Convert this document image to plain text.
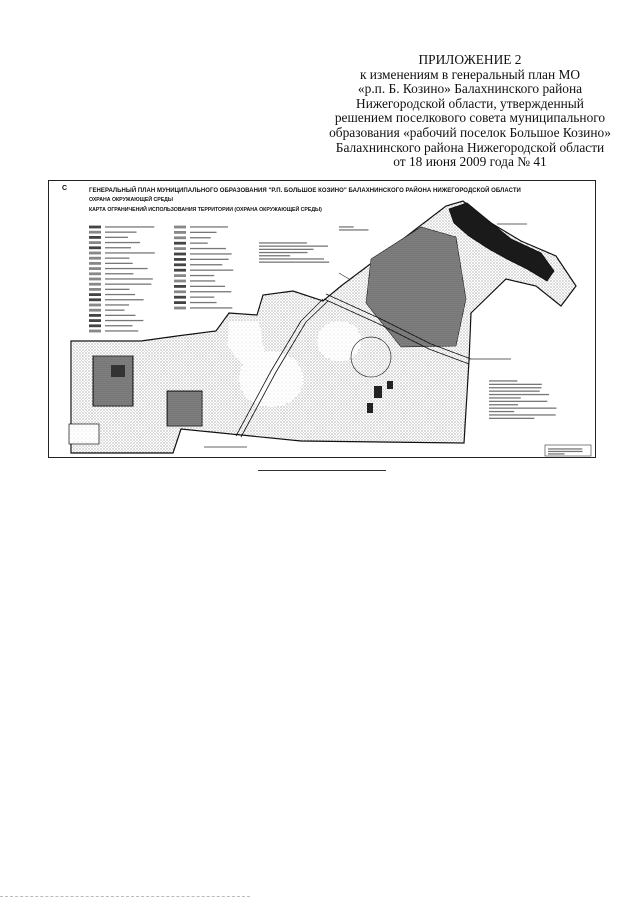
ПРИЛОЖЕНИЕ 2
к изменениям в генеральный план МО
«р.п. Б. Козино» Балахнинского района
Нижегородской области, утвержденный
решением поселкового совета муниципального
образования «рабочий поселок Большое Козино»
Балахнинского района Нижегородской области
от 18 июня 2009 года № 41
С	ГЕНЕРАЛЬНЫЙ ПЛАН МУНИЦИПАЛЬНОГО ОБРАЗОВАНИЯ "Р.П. БОЛЬШОЕ КОЗИНО" БАЛАХНИНСКОГО РАЙОНА НИЖЕГОРОДСКОЙ ОБЛАСТИ
ОХРАНА ОКРУЖАЮЩЕЙ СРЕДЫ
КАРТА ОГРАНИЧЕНИЙ ИСПОЛЬЗОВАНИЯ ТЕРРИТОРИИ (ОХРАНА ОКРУЖАЮЩЕЙ СРЕДЫ)
